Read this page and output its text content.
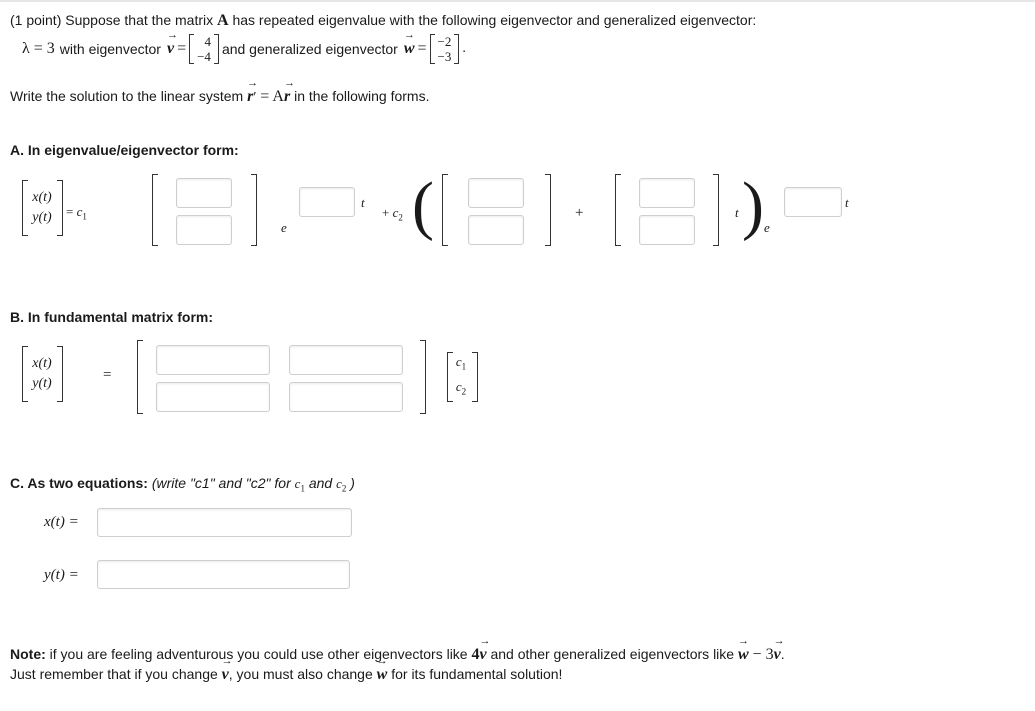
(1 point) Suppose that the matrix A has repeated eigenvalue with the following eigenvector and generalized eigenvector:
λ = 3 with eigenvector → v =	4
−4 and generalized eigenvector → w = −2
−3
.
Write the solution to the linear system → r′ = A→ r in the following forms.
A. In eigenvalue/eigenvector form:
x(t)
y(t)	= $c_1$
e
t
+ $c_2$ (	+	t ) e
t
B. In fundamental matrix form:
x(t)
y(t)
=
$c_1$
$c_2$
C. As two equations: (write "c1" and "c2" for $c_1$ and $c_2$ )
x(t) =
y(t) =
Note: if you are feeling adventurous you could use other eigenvectors like 4→ v and other generalized eigenvectors like → w − 3→ v.
Just remember that if you change → v, you must also change → w for its fundamental solution!
